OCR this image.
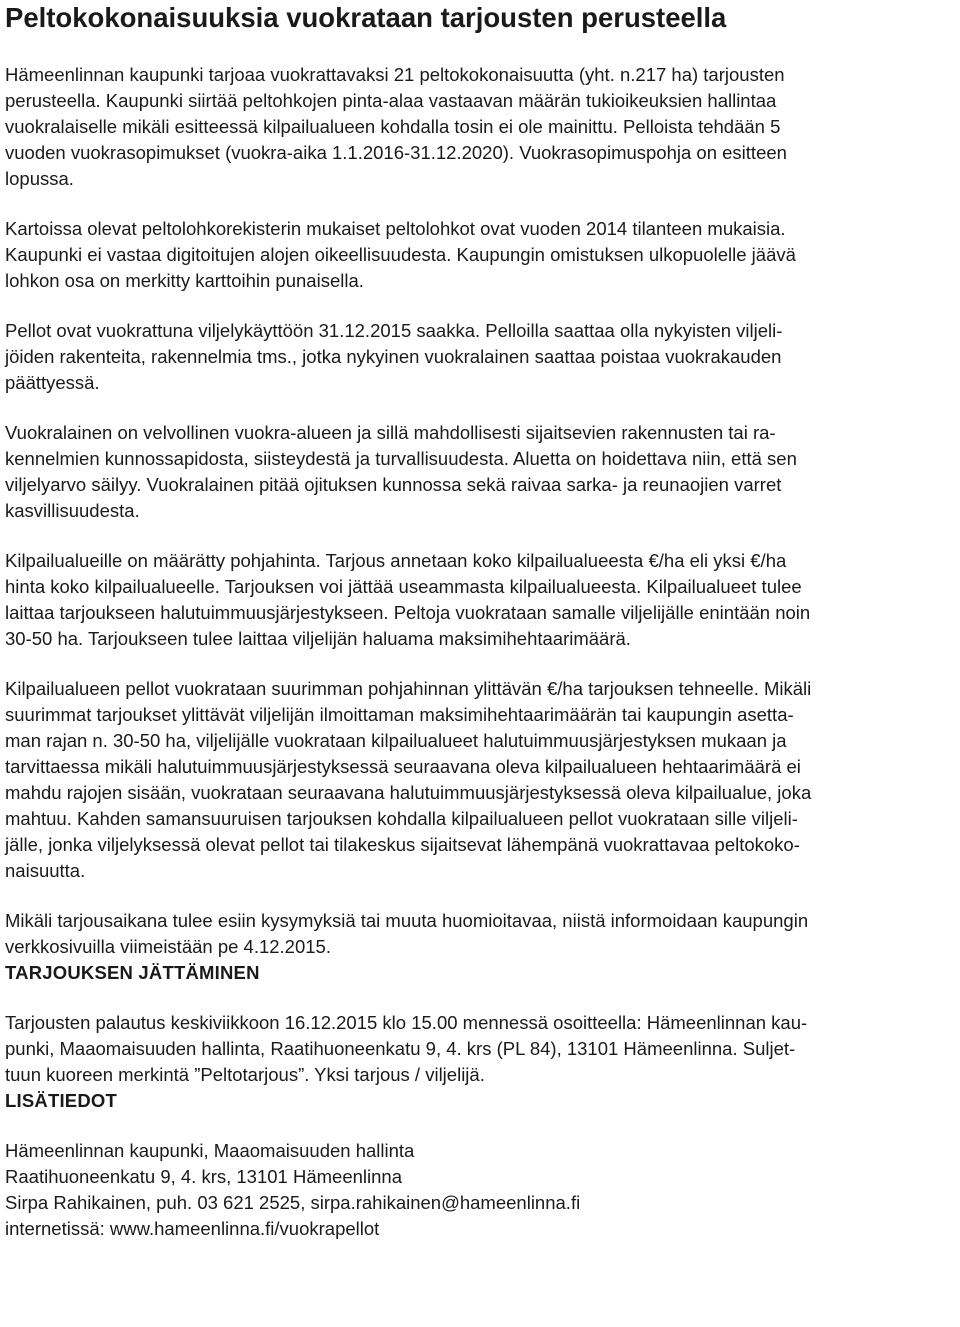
Peltokokonaisuuksia vuokrataan tarjousten perusteella

Hämeenlinnan kaupunki tarjoaa vuokrattavaksi 21 peltokokonaisuutta (yht. n.217 ha) tarjousten
perusteella. Kaupunki siirtää peltohkojen pinta-alaa vastaavan määrän tukioikeuksien hallintaa
vuokralaiselle mikäli esitteessä kilpailualueen kohdalla tosin ei ole mainittu. Pelloista tehdään 5
vuoden vuokrasopimukset (vuokra-aika 1.1.2016-31.12.2020). Vuokrasopimuspohja on esitteen
lopussa.

Kartoissa olevat peltolohkorekisterin mukaiset peltolohkot ovat vuoden 2014 tilanteen mukaisia.
Kaupunki ei vastaa digitoitujen alojen oikeellisuudesta. Kaupungin omistuksen ulkopuolelle jäävä
lohkon osa on merkitty karttoihin punaisella.

Pellot ovat vuokrattuna viljelykäyttöön 31.12.2015 saakka. Pelloilla saattaa olla nykyisten viljeli-
jöiden rakenteita, rakennelmia tms., jotka nykyinen vuokralainen saattaa poistaa vuokrakauden
päättyessä.

Vuokralainen on velvollinen vuokra-alueen ja sillä mahdollisesti sijaitsevien rakennusten tai ra-
kennelmien kunnossapidosta, siisteydestä ja turvallisuudesta. Aluetta on hoidettava niin, että sen
viljelyarvo säilyy. Vuokralainen pitää ojituksen kunnossa sekä raivaa sarka- ja reunaojien varret
kasvillisuudesta.

Kilpailualueille on määrätty pohjahinta. Tarjous annetaan koko kilpailualueesta €/ha eli yksi €/ha
hinta koko kilpailualueelle. Tarjouksen voi jättää useammasta kilpailualueesta. Kilpailualueet tulee
laittaa tarjoukseen halutuimmuusjärjestykseen. Peltoja vuokrataan samalle viljelijälle enintään noin
30-50 ha. Tarjoukseen tulee laittaa viljelijän haluama maksimihehtaarimäärä.

Kilpailualueen pellot vuokrataan suurimman pohjahinnan ylittävän €/ha tarjouksen tehneelle. Mikäli
suurimmat tarjoukset ylittävät viljelijän ilmoittaman maksimihehtaarimäärän tai kaupungin asetta-
man rajan n. 30-50 ha, viljelijälle vuokrataan kilpailualueet halutuimmuusjärjestyksen mukaan ja
tarvittaessa mikäli halutuimmuusjärjestyksessä seuraavana oleva kilpailualueen hehtaarimäärä ei
mahdu rajojen sisään, vuokrataan seuraavana halutuimmuusjärjestyksessä oleva kilpailualue, joka
mahtuu. Kahden samansuuruisen tarjouksen kohdalla kilpailualueen pellot vuokrataan sille viljeli-
jälle, jonka viljelyksessä olevat pellot tai tilakeskus sijaitsevat lähempänä vuokrattavaa peltokoko-
naisuutta.

Mikäli tarjousaikana tulee esiin kysymyksiä tai muuta huomioitavaa, niistä informoidaan kaupungin
verkkosivuilla viimeistään pe 4.12.2015.

TARJOUKSEN JÄTTÄMINEN

Tarjousten palautus keskiviikkoon 16.12.2015 klo 15.00 mennessä osoitteella: Hämeenlinnan kau-
punki, Maaomaisuuden hallinta, Raatihuoneenkatu 9, 4. krs (PL 84), 13101 Hämeenlinna. Suljet-
tuun kuoreen merkintä ”Peltotarjous”. Yksi tarjous / viljelijä.

LISÄTIEDOT

Hämeenlinnan kaupunki, Maaomaisuuden hallinta
Raatihuoneenkatu 9, 4. krs, 13101 Hämeenlinna
Sirpa Rahikainen, puh. 03 621 2525, sirpa.rahikainen@hameenlinna.fi
internetissä: www.hameenlinna.fi/vuokrapellot
